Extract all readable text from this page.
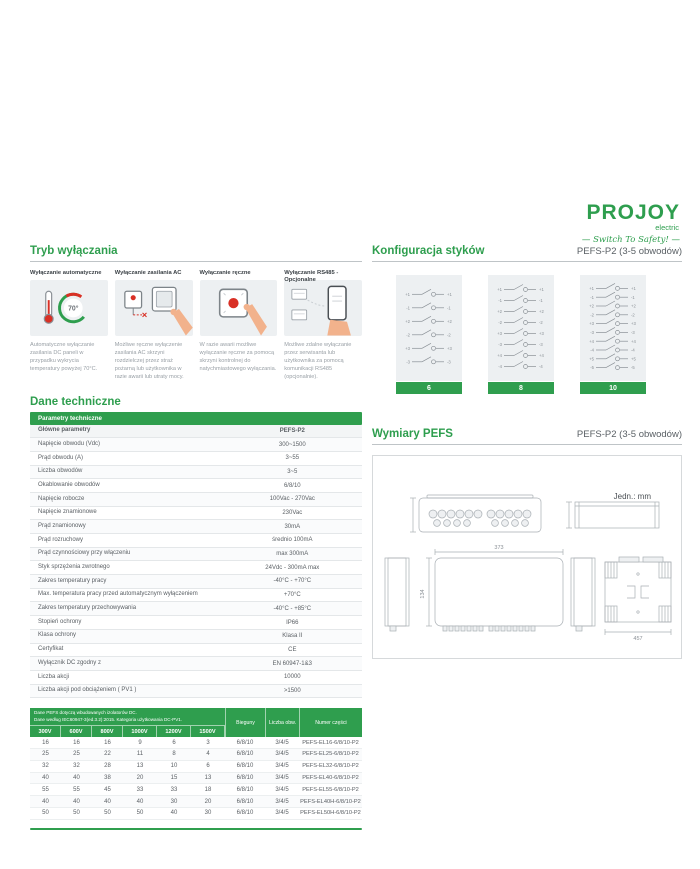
PROJOY
electric
— Switch To Safety! —
Tryb wyłączania
Wyłączanie automatyczne
70°
Automatyczne wyłączanie zasilania DC paneli w przypadku wykrycia temperatury powyżej 70°C.
Wyłączanie zasilania AC
Możliwe ręczne wyłączenie zasilania AC skrzyni rozdzielczej przez straż pożarną lub użytkownika w razie awarii lub utraty mocy.
Wyłączanie ręczne
W razie awarii możliwe wyłączanie ręczne za pomocą skrzyni kontrolnej do natychmiastowego wyłączania.
Wyłączanie RS485 - Opcjonalne
Możliwe zdalne wyłączanie przez serwisanta lub użytkownika za pomocą komunikacji RS485 (opcjonalnie).
Dane techniczne
Parametry techniczne
Główne parametry	PEFS-P2
Napięcie obwodu (Vdc)	300~1500
Prąd obwodu (A)	3~55
Liczba obwodów	3~5
Okablowanie obwodów	6/8/10
Napięcie robocze	100Vac - 270Vac
Napięcie znamionowe	230Vac
Prąd znamionowy	30mA
Prąd rozruchowy	średnio 100mA
Prąd czynnościowy przy włączeniu	max 300mA
Styk sprzężenia zwrotnego	24Vdc - 300mA max
Zakres temperatury pracy	-40°C - +70°C
Max. temperatura pracy przed automatycznym wyłączeniem	+70°C
Zakres temperatury przechowywania	-40°C - +85°C
Stopień ochrony	IP66
Klasa ochrony	Klasa II
Certyfikat	CE
Wyłącznik DC zgodny z	EN 60947-1&3
Liczba akcji	10000
Liczba akcji pod obciążeniem ( PV1 )	>1500
Dane PEFS dotyczą wbudowanych izolatorów DC.
Dane według IEC60947-3(ed.3.2):2015. Kategoria użytkowania DC-PV1.	Bieguny	Liczba obw.	Numer części
300V	600V	800V	1000V	1200V	1500V
16	16	16	9	6	3	6/8/10	3/4/5	PEFS-EL16-6/8/10-P2
25	25	22	11	8	4	6/8/10	3/4/5	PEFS-EL25-6/8/10-P2
32	32	28	13	10	6	6/8/10	3/4/5	PEFS-EL32-6/8/10-P2
40	40	38	20	15	13	6/8/10	3/4/5	PEFS-EL40-6/8/10-P2
55	55	45	33	33	18	6/8/10	3/4/5	PEFS-EL55-6/8/10-P2
40	40	40	40	30	20	6/8/10	3/4/5	PEFS-EL40H-6/8/10-P2
50	50	50	50	40	30	6/8/10	3/4/5	PEFS-EL50H-6/8/10-P2
Konfiguracja styków	PEFS-P2 (3-5 obwodów)
+1	+1
-1	-1
+2	+2
-2	-2
+3	+3
-3	-3
6
+1	+1
-1	-1
+2	+2
-2	-2
+3	+3
-3	-3
+4	+4
-4	-4
8
+1	+1
-1	-1
+2	+2
-2	-2
+3	+3
-3	-3
+4	+4
-4	-4
+5	+5
-5	-5
10
Wymiary PEFS	PEFS-P2 (3-5 obwodów)
Jedn.: mm
373
134
457
